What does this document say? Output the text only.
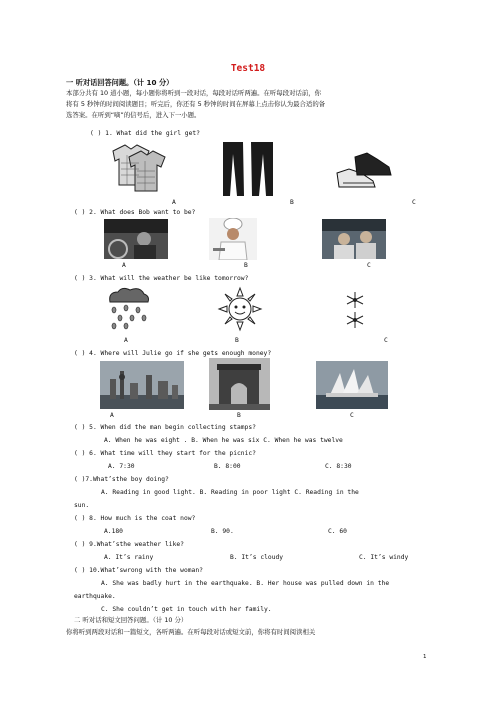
Test18
一 听对话回答问题。（计 10 分）
本部分共有 10 道小题，每小题你将听到一段对话，每段对话听两遍。在听每段对话前，你
将有 5 秒钟的时间阅读题目；听完后，你还有 5 秒钟的时间在屏幕上点击你认为最合适的备
选答案。在听到“嘀”的信号后，进入下一小题。
( ) 1. What did the girl get?
A	B	C
( ) 2. What does Bob want to be?
A	B	C
( ) 3. What will the weather be like tomorrow?
A	B	C
( ) 4. Where will Julie go if she gets enough money?
A	B	C
( ) 5. When did the man begin collecting stamps?
A. When he was eight . B. When he was six C. When he was twelve
( ) 6. What time will they start for the picnic?
A. 7:30	B. 8:00	C. 8:30
( )7.What’sthe boy doing?
A. Reading in good light. B. Reading in poor light C. Reading in the
sun.
( ) 8. How much is the coat now?
A.180	B. 90.	C. 60
( ) 9.What’sthe weather like?
A. It’s rainy	B. It’s cloudy	C. It’s windy
( ) 10.What’swrong with the woman?
A. She was badly hurt in the earthquake. B. Her house was pulled down in the
earthquake.
C. She couldn’t get in touch with her family.
二 听对话和短文回答问题。（计 10 分）
你将听到两段对话和一篇短文，各听两遍。在听每段对话或短文前，你将有时间阅读相关
1
